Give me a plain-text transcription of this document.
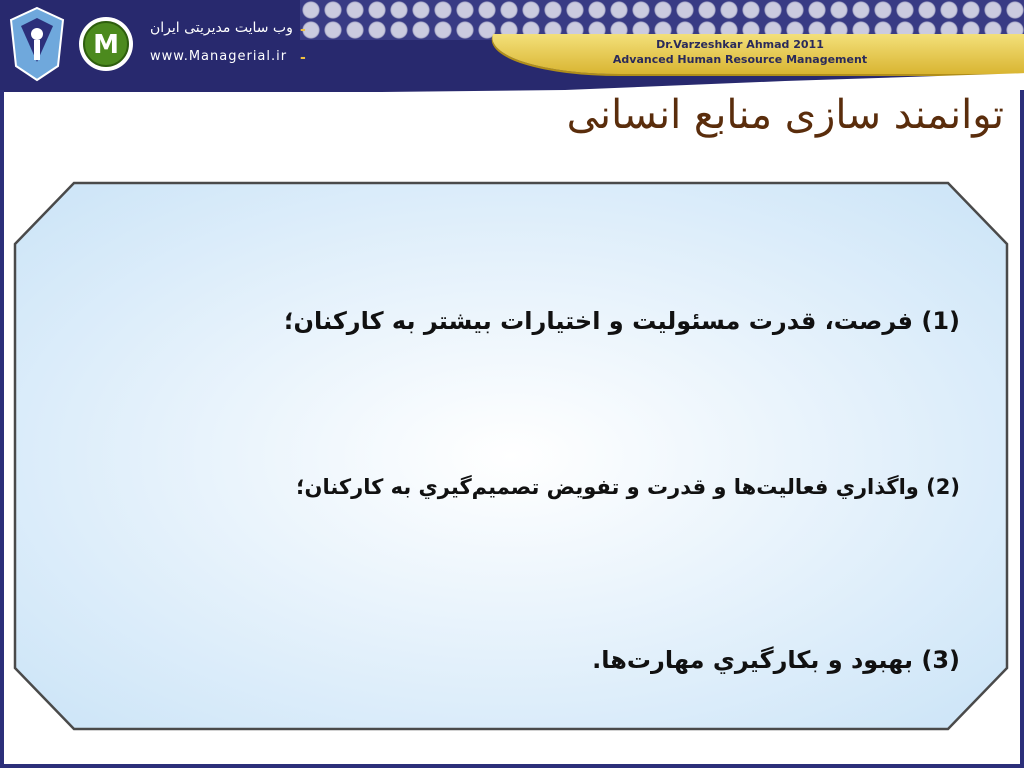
M
وب سایت مدیریتی ایران -
www.Managerial.ir -
Dr.Varzeshkar Ahmad 2011
Advanced Human Resource Management
توانمند سازی منابع انسانی
(1) فرصت، قدرت مسئوليت و اختيارات بيشتر به كاركنان؛
(2) واگذاري فعاليت‌ها و قدرت و تفويض تصميم‌گيري به كاركنان؛
(3) بهبود و بكارگيري مهارت‌ها.
